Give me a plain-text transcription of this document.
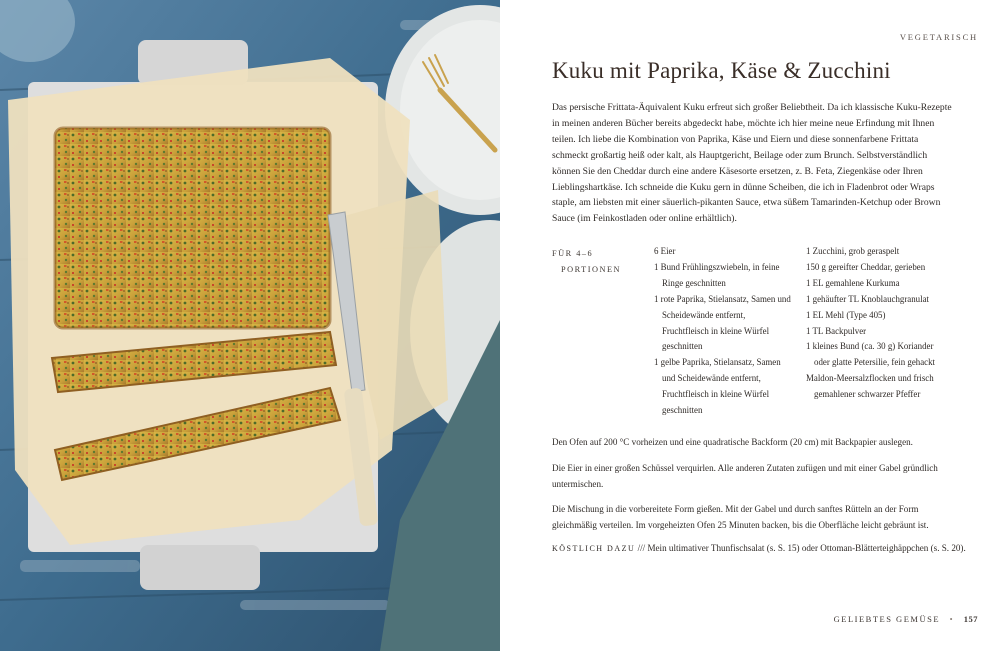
VEGETARISCH
Kuku mit Paprika, Käse & Zucchini

Das persische Frittata-Äquivalent Kuku erfreut sich großer Beliebtheit. Da ich klassische Kuku-Rezepte in meinen anderen Bücher bereits abgedeckt habe, möchte ich hier meine neue Erfindung mit Ihnen teilen. Ich liebe die Kombination von Paprika, Käse und Eiern und diese sonnenfarbene Frittata schmeckt großartig heiß oder kalt, als Hauptgericht, Beilage oder zum Brunch. Selbstverständlich können Sie den Cheddar durch eine andere Käsesorte ersetzen, z. B. Feta, Ziegenkäse oder Ihren Lieblingshartkäse. Ich schneide die Kuku gern in dünne Scheiben, die ich in Fladenbrot oder Wraps staple, am liebsten mit einer säuerlich-pikanten Sauce, etwa süßem Tamarinden-Ketchup oder Brown Sauce (im Feinkostladen oder online erhältlich).

FÜR 4–6
PORTIONEN
6 Eier
1 Bund Frühlingszwiebeln, in feine Ringe geschnitten
1 rote Paprika, Stielansatz, Samen und Scheidewände entfernt, Fruchtfleisch in kleine Würfel geschnitten
1 gelbe Paprika, Stielansatz, Samen und Scheidewände entfernt, Fruchtfleisch in kleine Würfel geschnitten
1 Zucchini, grob geraspelt
150 g gereifter Cheddar, gerieben
1 EL gemahlene Kurkuma
1 gehäufter TL Knoblauchgranulat
1 EL Mehl (Type 405)
1 TL Backpulver
1 kleines Bund (ca. 30 g) Koriander oder glatte Petersilie, fein gehackt
Maldon-Meersalzflocken und frisch gemahlener schwarzer Pfeffer

Den Ofen auf 200 °C vorheizen und eine quadratische Backform (20 cm) mit Backpapier auslegen.

Die Eier in einer großen Schüssel verquirlen. Alle anderen Zutaten zufügen und mit einer Gabel gründlich untermischen.

Die Mischung in die vorbereitete Form gießen. Mit der Gabel und durch sanftes Rütteln an der Form gleichmäßig verteilen. Im vorgeheizten Ofen 25 Minuten backen, bis die Oberfläche leicht gebräunt ist.

KÖSTLICH DAZU /// Mein ultimativer Thunfischsalat (s. S. 15) oder Ottoman-Blätterteighäppchen (s. S. 20).
GELIEBTES GEMÜSE • 157
